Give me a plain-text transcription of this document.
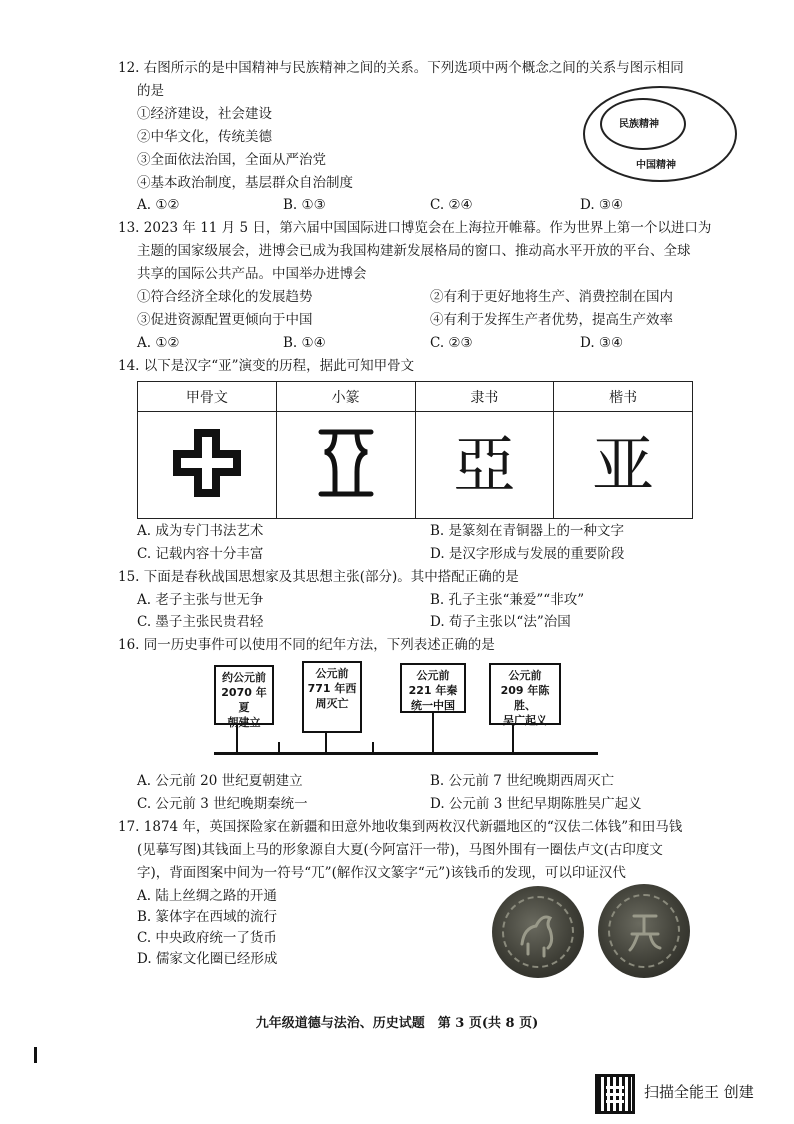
12. 右图所示的是中国精神与民族精神之间的关系。下列选项中两个概念之间的关系与图示相同
的是
①经济建设，社会建设
②中华文化，传统美德
③全面依法治国，全面从严治党
④基本政治制度，基层群众自治制度
A. ①②	B. ①③	C. ②④	D. ③④
民族精神
中国精神
13. 2023 年 11 月 5 日，第六届中国国际进口博览会在上海拉开帷幕。作为世界上第一个以进口为
主题的国家级展会，进博会已成为我国构建新发展格局的窗口、推动高水平开放的平台、全球
共享的国际公共产品。中国举办进博会
①符合经济全球化的发展趋势	②有利于更好地将生产、消费控制在国内
③促进资源配置更倾向于中国	④有利于发挥生产者优势，提高生产效率
A. ①②	B. ①④	C. ②③	D. ③④
14. 以下是汉字“亚”演变的历程，据此可知甲骨文
甲骨文	小篆	隶书	楷书
		亞	亚
A. 成为专门书法艺术	B. 是篆刻在青铜器上的一种文字
C. 记载内容十分丰富	D. 是汉字形成与发展的重要阶段
15. 下面是春秋战国思想家及其思想主张(部分)。其中搭配正确的是
A. 老子主张与世无争	B. 孔子主张“兼爱”“非攻”
C. 墨子主张民贵君轻	D. 荀子主张以“法”治国
16. 同一历史事件可以使用不同的纪年方法，下列表述正确的是
约公元前
2070 年夏
朝建立
公元前
771 年西
周灭亡
公元前
221 年秦
统一中国
公元前
209 年陈胜、
吴广起义
A. 公元前 20 世纪夏朝建立	B. 公元前 7 世纪晚期西周灭亡
C. 公元前 3 世纪晚期秦统一	D. 公元前 3 世纪早期陈胜吴广起义
17. 1874 年，英国探险家在新疆和田意外地收集到两枚汉代新疆地区的“汉佉二体钱”和田马钱
(见摹写图)其钱面上马的形象源自大夏(今阿富汗一带)，马图外围有一圈佉卢文(古印度文
字)，背面图案中间为一符号“兀”(解作汉文篆字“元”)该钱币的发现，可以印证汉代
A. 陆上丝绸之路的开通
B. 篆体字在西域的流行
C. 中央政府统一了货币
D. 儒家文化圈已经形成
九年级道德与法治、历史试题　第 3 页(共 8 页)
扫描全能王 创建
